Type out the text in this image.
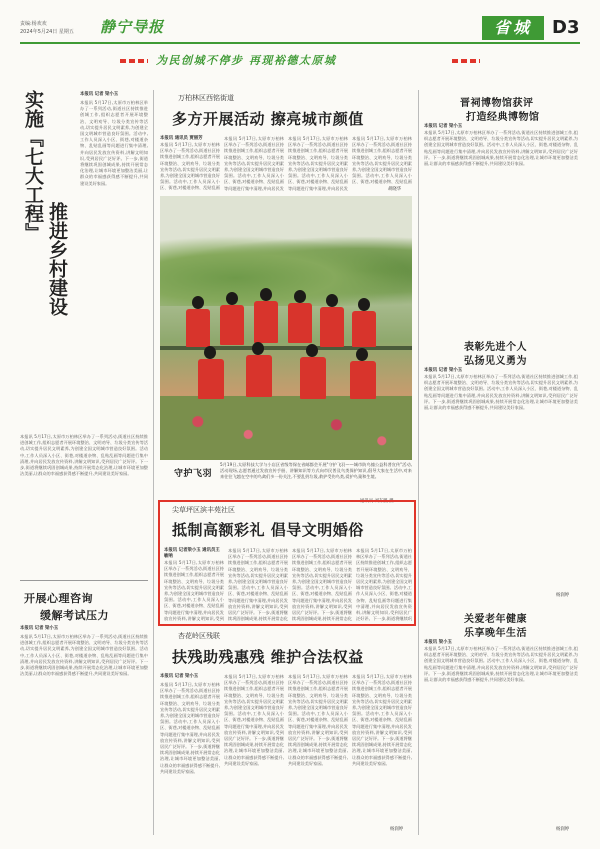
责编:杨欢欢
2024年5月24日 星期五 静宁导报	省城	D3
为民创城不停步 再现裕德太原城
实施『七大工程』
推进乡村建设
本报讯 记者 梁小玉
本报讯 5月17日,太原市万柏林区举办了一系列活动,街道社区持续推进创城工作,组织志愿者开展环境整治、文明劝导、垃圾分类宣传等活动,切实提升居民文明素养,为创建全国文明城市营造良好氛围。活动中,工作人员深入小区、街巷,对楼道杂物、乱贴乱画等问题进行集中清理,并向居民发放宣传资料,讲解文明知识,受到居民广泛好评。下一步,街道将继续巩固创城成果,持续开展常态化治理,让城市环境更加整洁美丽,让群众的幸福感获得感不断提升,共同建设美好家园。
本报讯 5月17日,太原市万柏林区举办了一系列活动,街道社区持续推进创城工作,组织志愿者开展环境整治、文明劝导、垃圾分类宣传等活动,切实提升居民文明素养,为创建全国文明城市营造良好氛围。活动中,工作人员深入小区、街巷,对楼道杂物、乱贴乱画等问题进行集中清理,并向居民发放宣传资料,讲解文明知识,受到居民广泛好评。下一步,街道将继续巩固创城成果,持续开展常态化治理,让城市环境更加整洁美丽,让群众的幸福感获得感不断提升,共同建设美好家园。
开展心理咨询
缓解考试压力
本报讯 记者 梁小玉
本报讯 5月17日,太原市万柏林区举办了一系列活动,街道社区持续推进创城工作,组织志愿者开展环境整治、文明劝导、垃圾分类宣传等活动,切实提升居民文明素养,为创建全国文明城市营造良好氛围。活动中,工作人员深入小区、街巷,对楼道杂物、乱贴乱画等问题进行集中清理,并向居民发放宣传资料,讲解文明知识,受到居民广泛好评。下一步,街道将继续巩固创城成果,持续开展常态化治理,让城市环境更加整洁美丽,让群众的幸福感获得感不断提升,共同建设美好家园。
万柏林区西铭街道
多方开展活动 擦亮城市颜值
本报讯 通讯员 贾丽芳
本报讯 5月17日,太原市万柏林区举办了一系列活动,街道社区持续推进创城工作,组织志愿者开展环境整治、文明劝导、垃圾分类宣传等活动,切实提升居民文明素养,为创建全国文明城市营造良好氛围。活动中,工作人员深入小区、街巷,对楼道杂物、乱贴乱画
本报讯 5月17日,太原市万柏林区举办了一系列活动,街道社区持续推进创城工作,组织志愿者开展环境整治、文明劝导、垃圾分类宣传等活动,切实提升居民文明素养,为创建全国文明城市营造良好氛围。活动中,工作人员深入小区、街巷,对楼道杂物、乱贴乱画等问题进行集中清理,并向居民发
本报讯 5月17日,太原市万柏林区举办了一系列活动,街道社区持续推进创城工作,组织志愿者开展环境整治、文明劝导、垃圾分类宣传等活动,切实提升居民文明素养,为创建全国文明城市营造良好氛围。活动中,工作人员深入小区、街巷,对楼道杂物、乱贴乱画等问题进行集中清理,并向居民发
本报讯 5月17日,太原市万柏林区举办了一系列活动,街道社区持续推进创城工作,组织志愿者开展环境整治、文明劝导、垃圾分类宣传等活动,切实提升居民文明素养,为创建全国文明城市营造良好氛围。活动中,工作人员深入小区、街巷,对楼道杂物、乱贴乱画
胡晓华
守护飞羽
5月19日,太原科技大学与小店区省级等保在省邮都会开展"守护飞羽——城市防鸟撞公益科普宣传"活动,活动现场,志愿者通过发放宣传手册、讲解知识等方式向市民普及鸟类保护知识,倡导大家在生活中,对来来往往飞越在空中的鸟禽们多一份关注,不要乱扔垃圾,救护受伤鸟类,爱护鸟巢和生境。
通讯员 刘东凯 摄
尖草坪区滨丰苑社区
抵制高额彩礼 倡导文明婚俗
本报讯 记者梁小玉 通讯员王敏响
本报讯 5月17日,太原市万柏林区举办了一系列活动,街道社区持续推进创城工作,组织志愿者开展环境整治、文明劝导、垃圾分类宣传等活动,切实提升居民文明素养,为创建全国文明城市营造良好氛围。活动中,工作人员深入小区、街巷,对楼道杂物、乱贴乱画等问题进行集中清理,并向居民发放宣传资料,讲解文明知识,受到
本报讯 5月17日,太原市万柏林区举办了一系列活动,街道社区持续推进创城工作,组织志愿者开展环境整治、文明劝导、垃圾分类宣传等活动,切实提升居民文明素养,为创建全国文明城市营造良好氛围。活动中,工作人员深入小区、街巷,对楼道杂物、乱贴乱画等问题进行集中清理,并向居民发放宣传资料,讲解文明知识,受到居民广泛好评。下一步,街道将继续巩固创城成果,持续开展常态化
本报讯 5月17日,太原市万柏林区举办了一系列活动,街道社区持续推进创城工作,组织志愿者开展环境整治、文明劝导、垃圾分类宣传等活动,切实提升居民文明素养,为创建全国文明城市营造良好氛围。活动中,工作人员深入小区、街巷,对楼道杂物、乱贴乱画等问题进行集中清理,并向居民发放宣传资料,讲解文明知识,受到居民广泛好评。下一步,街道将继续巩固创城成果,持续开展常态化
本报讯 5月17日,太原市万柏林区举办了一系列活动,街道社区持续推进创城工作,组织志愿者开展环境整治、文明劝导、垃圾分类宣传等活动,切实提升居民文明素养,为创建全国文明城市营造良好氛围。活动中,工作人员深入小区、街巷,对楼道杂物、乱贴乱画等问题进行集中清理,并向居民发放宣传资料,讲解文明知识,受到居民广泛好评。下一步,街道将继续巩
杏花岭区残联
扶残助残惠残 维护合法权益
本报讯 记者 梁小玉
本报讯 5月17日,太原市万柏林区举办了一系列活动,街道社区持续推进创城工作,组织志愿者开展环境整治、文明劝导、垃圾分类宣传等活动,切实提升居民文明素养,为创建全国文明城市营造良好氛围。活动中,工作人员深入小区、街巷,对楼道杂物、乱贴乱画等问题进行集中清理,并向居民发放宣传资料,讲解文明知识,受到居民广泛好评。下一步,街道将继续巩固创城成果,持续开展常态化治理,让城市环境更加整洁美丽,让群众的幸福感获得感不断提升,共同建设美好家园。
本报讯 5月17日,太原市万柏林区举办了一系列活动,街道社区持续推进创城工作,组织志愿者开展环境整治、文明劝导、垃圾分类宣传等活动,切实提升居民文明素养,为创建全国文明城市营造良好氛围。活动中,工作人员深入小区、街巷,对楼道杂物、乱贴乱画等问题进行集中清理,并向居民发放宣传资料,讲解文明知识,受到居民广泛好评。下一步,街道将继续巩固创城成果,持续开展常态化治理,让城市环境更加整洁美丽,让群众的幸福感获得感不断提升,共同建设美好家园。
本报讯 5月17日,太原市万柏林区举办了一系列活动,街道社区持续推进创城工作,组织志愿者开展环境整治、文明劝导、垃圾分类宣传等活动,切实提升居民文明素养,为创建全国文明城市营造良好氛围。活动中,工作人员深入小区、街巷,对楼道杂物、乱贴乱画等问题进行集中清理,并向居民发放宣传资料,讲解文明知识,受到居民广泛好评。下一步,街道将继续巩固创城成果,持续开展常态化治理,让城市环境更加整洁美丽,让群众的幸福感获得感不断提升,共同建设美好家园。
本报讯 5月17日,太原市万柏林区举办了一系列活动,街道社区持续推进创城工作,组织志愿者开展环境整治、文明劝导、垃圾分类宣传等活动,切实提升居民文明素养,为创建全国文明城市营造良好氛围。活动中,工作人员深入小区、街巷,对楼道杂物、乱贴乱画等问题进行集中清理,并向居民发放宣传资料,讲解文明知识,受到居民广泛好评。下一步,街道将继续巩固创城成果,持续开展常态化治理,让城市环境更加整洁美丽,让群众的幸福感获得感不断提升,共同建设美好家园。
杨润婷
晋祠博物馆获评
打造经典博物馆
本报讯 记者 梁小玉
本报讯 5月17日,太原市万柏林区举办了一系列活动,街道社区持续推进创城工作,组织志愿者开展环境整治、文明劝导、垃圾分类宣传等活动,切实提升居民文明素养,为创建全国文明城市营造良好氛围。活动中,工作人员深入小区、街巷,对楼道杂物、乱贴乱画等问题进行集中清理,并向居民发放宣传资料,讲解文明知识,受到居民广泛好评。下一步,街道将继续巩固创城成果,持续开展常态化治理,让城市环境更加整洁美丽,让群众的幸福感获得感不断提升,共同建设美好家园。
表彰先进个人
弘扬见义勇为
本报讯 记者 梁小玉
本报讯 5月17日,太原市万柏林区举办了一系列活动,街道社区持续推进创城工作,组织志愿者开展环境整治、文明劝导、垃圾分类宣传等活动,切实提升居民文明素养,为创建全国文明城市营造良好氛围。活动中,工作人员深入小区、街巷,对楼道杂物、乱贴乱画等问题进行集中清理,并向居民发放宣传资料,讲解文明知识,受到居民广泛好评。下一步,街道将继续巩固创城成果,持续开展常态化治理,让城市环境更加整洁美丽,让群众的幸福感获得感不断提升,共同建设美好家园。
杨润婷
关爱老年健康
乐享晚年生活
本报讯 梁小玉
本报讯 5月17日,太原市万柏林区举办了一系列活动,街道社区持续推进创城工作,组织志愿者开展环境整治、文明劝导、垃圾分类宣传等活动,切实提升居民文明素养,为创建全国文明城市营造良好氛围。活动中,工作人员深入小区、街巷,对楼道杂物、乱贴乱画等问题进行集中清理,并向居民发放宣传资料,讲解文明知识,受到居民广泛好评。下一步,街道将继续巩固创城成果,持续开展常态化治理,让城市环境更加整洁美丽,让群众的幸福感获得感不断提升,共同建设美好家园。
杨润婷
